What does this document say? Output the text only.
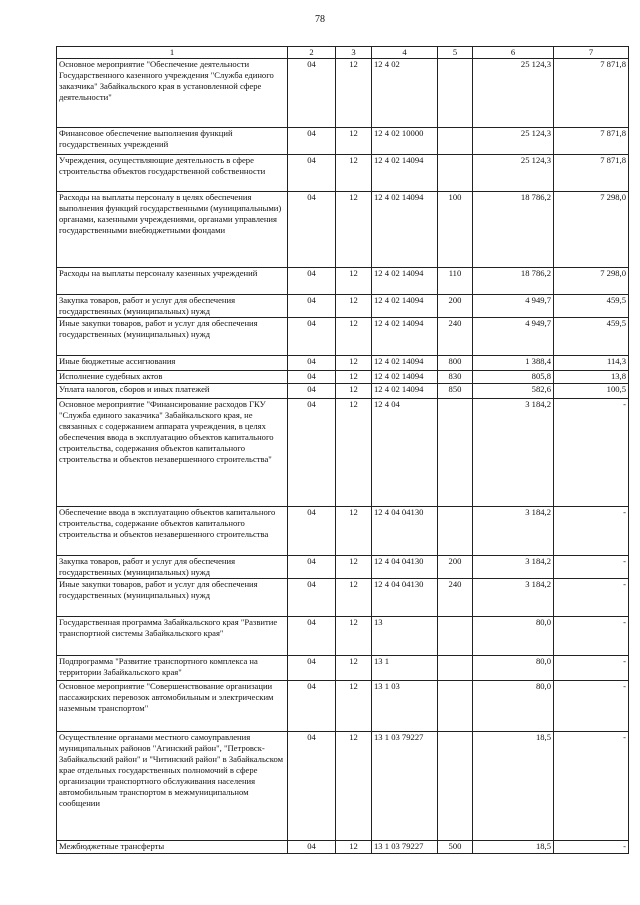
78
1	2	3	4	5	6	7
Основное мероприятие "Обеспечение деятельности Государственного казенного учреждения "Служба единого заказчика" Забайкальского края в установленной сфере деятельности"	04	12	12 4 02		25 124,3	7 871,8
Финансовое обеспечение выполнения функций государственных учреждений	04	12	12 4 02 10000		25 124,3	7 871,8
Учреждения, осуществляющие деятельность в сфере строительства объектов государственной собственности	04	12	12 4 02 14094		25 124,3	7 871,8
Расходы на выплаты персоналу в целях обеспечения выполнения функций государственными (муниципальными) органами, казенными учреждениями, органами управления государственными внебюджетными фондами	04	12	12 4 02 14094	100	18 786,2	7 298,0
Расходы на выплаты персоналу казенных учреждений	04	12	12 4 02 14094	110	18 786,2	7 298,0
Закупка товаров, работ и услуг для обеспечения государственных (муниципальных) нужд	04	12	12 4 02 14094	200	4 949,7	459,5
Иные закупки товаров, работ и услуг для обеспечения государственных (муниципальных) нужд	04	12	12 4 02 14094	240	4 949,7	459,5
Иные бюджетные ассигнования	04	12	12 4 02 14094	800	1 388,4	114,3
Исполнение судебных актов	04	12	12 4 02 14094	830	805,8	13,8
Уплата налогов, сборов и иных платежей	04	12	12 4 02 14094	850	582,6	100,5
Основное мероприятие "Финансирование расходов ГКУ "Служба единого заказчика" Забайкальского края, не связанных с содержанием аппарата учреждения, в целях обеспечения ввода в эксплуатацию объектов капитального строительства, содержания объектов капитального строительства и объектов незавершенного строительства"	04	12	12 4 04		3 184,2	-
Обеспечение ввода в эксплуатацию объектов капитального строительства, содержание объектов капитального строительства и объектов незавершенного строительства	04	12	12 4 04 04130		3 184,2	-
Закупка товаров, работ и услуг для обеспечения государственных (муниципальных) нужд	04	12	12 4 04 04130	200	3 184,2	-
Иные закупки товаров, работ и услуг для обеспечения государственных (муниципальных) нужд	04	12	12 4 04 04130	240	3 184,2	-
Государственная программа Забайкальского края "Развитие транспортной системы Забайкальского края"	04	12	13		80,0	-
Подпрограмма "Развитие транспортного комплекса на территории Забайкальского края"	04	12	13 1		80,0	-
Основное мероприятие "Совершенствование организации пассажирских перевозок автомобильным и электрическим наземным транспортом"	04	12	13 1 03		80,0	-
Осуществление органами местного самоуправления муниципальных районов "Агинский район", "Петровск-Забайкальский район" и "Читинский район" в Забайкальском крае отдельных государственных полномочий в сфере организации транспортного обслуживания населения автомобильным транспортом в межмуниципальном сообщении	04	12	13 1 03 79227		18,5	-
Межбюджетные трансферты	04	12	13 1 03 79227	500	18,5	-
